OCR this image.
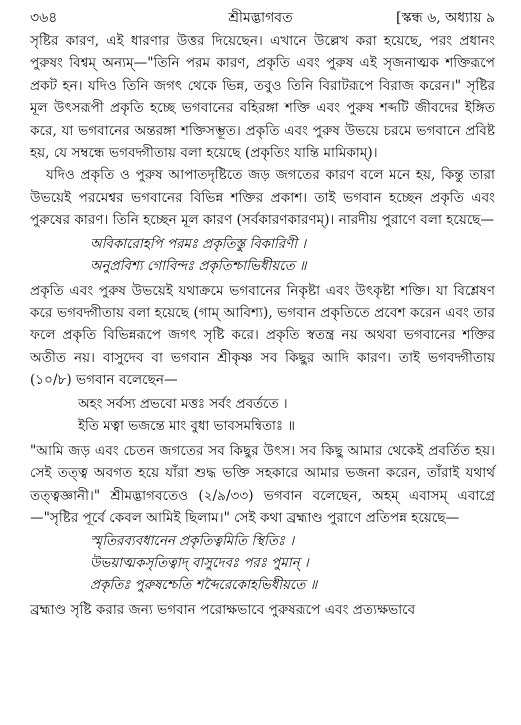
৩৬৪	শ্রীমদ্ভাগবত	[স্কন্ধ ৬, অধ্যায় ৯

সৃষ্টির কারণ, এই ধারণার উত্তর দিয়েছেন। এখানে উল্লেখ করা হয়েছে, পরং প্রধানং পুরুষং বিশ্বম্‌ অন্যম্‌—"তিনি পরম কারণ, প্রকৃতি এবং পুরুষ এই সৃজনাত্মক শক্তিরূপে প্রকট হন। যদিও তিনি জগৎ থেকে ভিন্ন, তবুও তিনি বিরাটরূপে বিরাজ করেন।" সৃষ্টির মূল উৎসরূপী প্রকৃতি হচ্ছে ভগবানের বহিরঙ্গা শক্তি এবং পুরুষ শব্দটি জীবদের ইঙ্গিত করে, যা ভগবানের অন্তরঙ্গা শক্তিসম্ভূত। প্রকৃতি এবং পুরুষ উভয়ে চরমে ভগবানে প্রবিষ্ট হয়, যে সম্বন্ধে ভগবদ্গীতায় বলা হয়েছে (প্রকৃতিং যান্তি মামিকাম্‌)।

যদিও প্রকৃতি ও পুরুষ আপাতদৃষ্টিতে জড় জগতের কারণ বলে মনে হয়, কিন্তু তারা উভয়েই পরমেশ্বর ভগবানের বিভিন্ন শক্তির প্রকাশ। তাই ভগবান হচ্ছেন প্রকৃতি এবং পুরুষের কারণ। তিনি হচ্ছেন মূল কারণ (সর্বকারণকারণম্‌)। নারদীয় পুরাণে বলা হয়েছে—

অবিকারোহপি পরমঃ প্রকৃতিস্তু বিকারিণী ।
অনুপ্রবিশ্য গোবিন্দঃ প্রকৃতিশ্চাভিধীয়তে ॥

প্রকৃতি এবং পুরুষ উভয়েই যথাক্রমে ভগবানের নিকৃষ্টা এবং উৎকৃষ্টা শক্তি। যা বিশ্লেষণ করে ভগবদ্গীতায় বলা হয়েছে (গাম্‌ আবিশ্য), ভগবান প্রকৃতিতে প্রবেশ করেন এবং তার ফলে প্রকৃতি বিভিন্নরূপে জগৎ সৃষ্টি করে। প্রকৃতি স্বতন্ত্র নয় অথবা ভগবানের শক্তির অতীত নয়। বাসুদেব বা ভগবান শ্রীকৃষ্ণ সব কিছুর আদি কারণ। তাই ভগবদ্গীতায় (১০/৮) ভগবান বলেছেন—

অহং সর্বস্য প্রভবো মত্তঃ সর্বং প্রবর্ততে ।
ইতি মত্বা ভজন্তে মাং বুধা ভাবসমন্বিতাঃ ॥

"আমি জড় এবং চেতন জগতের সব কিছুর উৎস। সব কিছু আমার থেকেই প্রবর্তিত হয়। সেই তত্ত্ব অবগত হয়ে যাঁরা শুদ্ধ ভক্তি সহকারে আমার ভজনা করেন, তাঁরাই যথার্থ তত্ত্বজ্ঞানী।" শ্রীমদ্ভাগবতেও (২/৯/৩৩) ভগবান বলেছেন, অহম্‌ এবাসম্‌ এবাগ্রে—"সৃষ্টির পূর্বে কেবল আমিই ছিলাম।" সেই কথা ব্রহ্মাণ্ড পুরাণে প্রতিপন্ন হয়েছে—

স্মৃতিরব্যবধানেন প্রকৃতিত্বমিতি স্থিতিঃ ।
উভয়াত্মকসৃতিত্বাদ্ বাসুদেবঃ পরঃ পুমান্‌ ।
প্রকৃতিঃ পুরুষশ্চেতি শব্দৈরেকোহভিধীয়তে ॥

ব্রহ্মাণ্ড সৃষ্টি করার জন্য ভগবান পরোক্ষভাবে পুরুষরূপে এবং প্রত্যক্ষভাবে
